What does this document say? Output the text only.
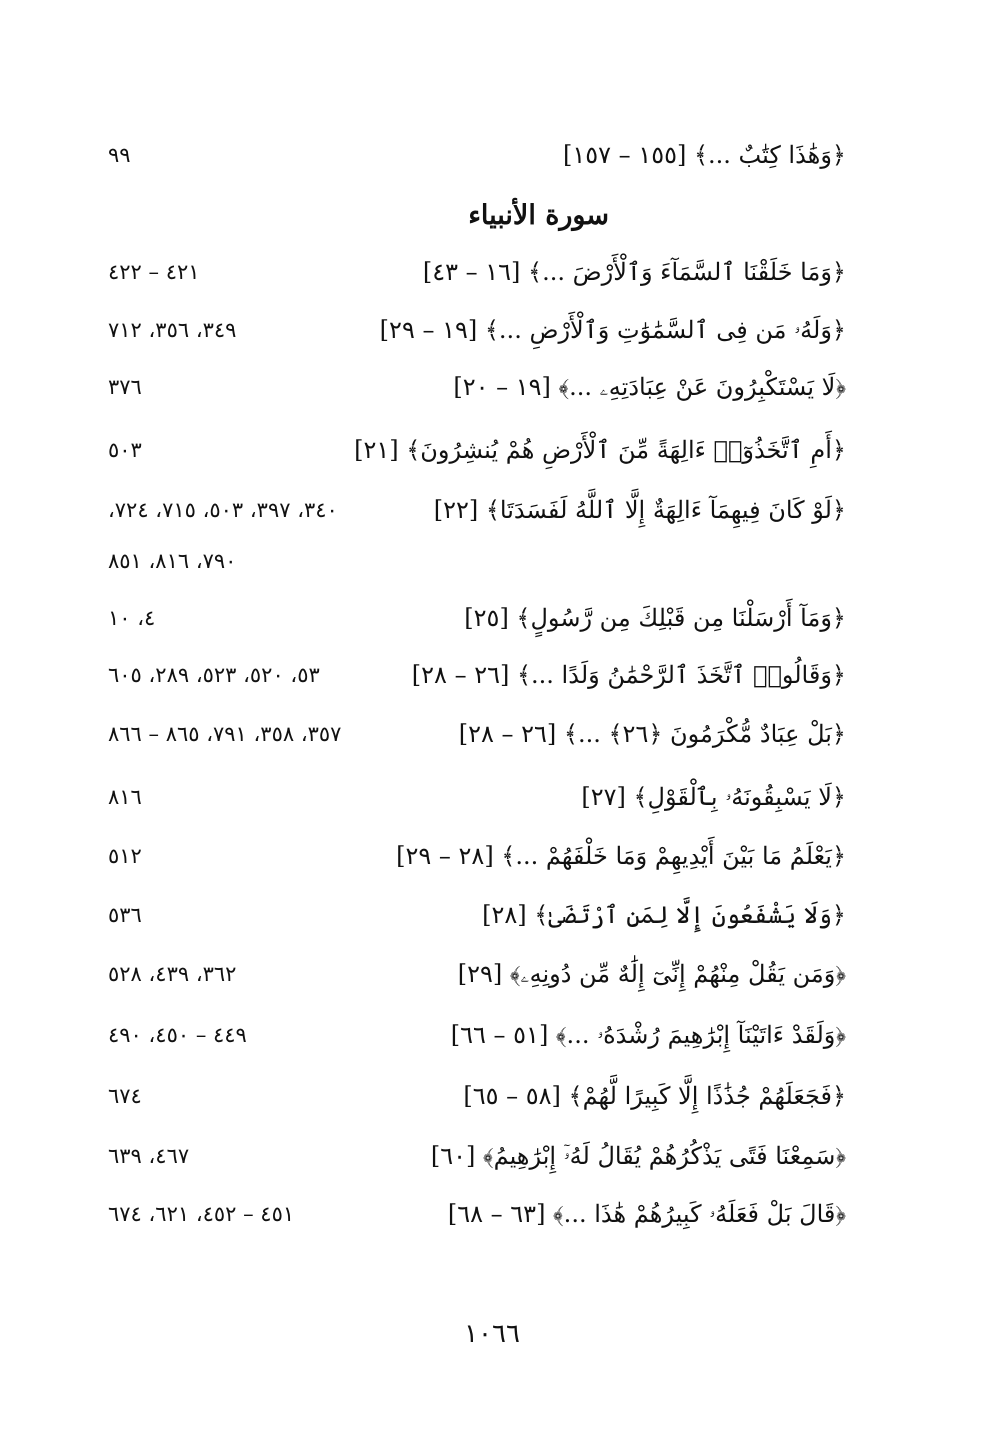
﴿وَهَٰذَا كِتَٰبٌ ...﴾ [١٥٥ – ١٥٧]
٩٩
سورة الأنبياء
﴿وَمَا خَلَقْنَا ٱلسَّمَآءَ وَٱلْأَرْضَ ...﴾ [١٦ – ٤٣]
٤٢١ – ٤٢٢
﴿وَلَهُۥ مَن فِى ٱلسَّمَٰوَٰتِ وَٱلْأَرْضِ ...﴾ [١٩ – ٢٩]
٣٤٩، ٣٥٦، ٧١٢
﴿لَا يَسْتَكْبِرُونَ عَنْ عِبَادَتِهِۦ ...﴾ [١٩ – ٢٠]
٣٧٦
﴿أَمِ ٱتَّخَذُوٓا۟ ءَالِهَةً مِّنَ ٱلْأَرْضِ هُمْ يُنشِرُونَ﴾ [٢١]
٥٠٣
﴿لَوْ كَانَ فِيهِمَآ ءَالِهَةٌ إِلَّا ٱللَّهُ لَفَسَدَتَا﴾ [٢٢]
٣٤٠، ٣٩٧، ٥٠٣، ٧١٥، ٧٢٤،
٧٩٠، ٨١٦، ٨٥١
﴿وَمَآ أَرْسَلْنَا مِن قَبْلِكَ مِن رَّسُولٍ﴾ [٢٥]
٤، ١٠
﴿وَقَالُوا۟ ٱتَّخَذَ ٱلرَّحْمَٰنُ وَلَدًا ...﴾ [٢٦ – ٢٨]
٥٣، ٥٢٠، ٥٢٣، ٢٨٩، ٦٠٥
﴿بَلْ عِبَادٌ مُّكْرَمُونَ ﴿٢٦﴾ ...﴾ [٢٦ – ٢٨]
٣٥٧، ٣٥٨، ٧٩١، ٨٦٥ – ٨٦٦
﴿لَا يَسْبِقُونَهُۥ بِٱلْقَوْلِ﴾ [٢٧]
٨١٦
﴿يَعْلَمُ مَا بَيْنَ أَيْدِيهِمْ وَمَا خَلْفَهُمْ ...﴾ [٢٨ – ٢٩]
٥١٢
﴿وَلَا يَشْفَعُونَ إِلَّا لِمَنِ ٱرْتَضَىٰ﴾ [٢٨]
٥٣٦
﴿وَمَن يَقُلْ مِنْهُمْ إِنِّىٓ إِلَٰهٌ مِّن دُونِهِۦ﴾ [٢٩]
٣٦٢، ٤٣٩، ٥٢٨
﴿وَلَقَدْ ءَاتَيْنَآ إِبْرَٰهِيمَ رُشْدَهُۥ ...﴾ [٥١ – ٦٦]
٤٤٩ – ٤٥٠، ٤٩٠
﴿فَجَعَلَهُمْ جُذَٰذًا إِلَّا كَبِيرًا لَّهُمْ﴾ [٥٨ – ٦٥]
٦٧٤
﴿سَمِعْنَا فَتًى يَذْكُرُهُمْ يُقَالُ لَهُۥٓ إِبْرَٰهِيمُ﴾ [٦٠]
٤٦٧، ٦٣٩
﴿قَالَ بَلْ فَعَلَهُۥ كَبِيرُهُمْ هَٰذَا ...﴾ [٦٣ – ٦٨]
٤٥١ – ٤٥٢، ٦٢١، ٦٧٤
١٠٦٦
